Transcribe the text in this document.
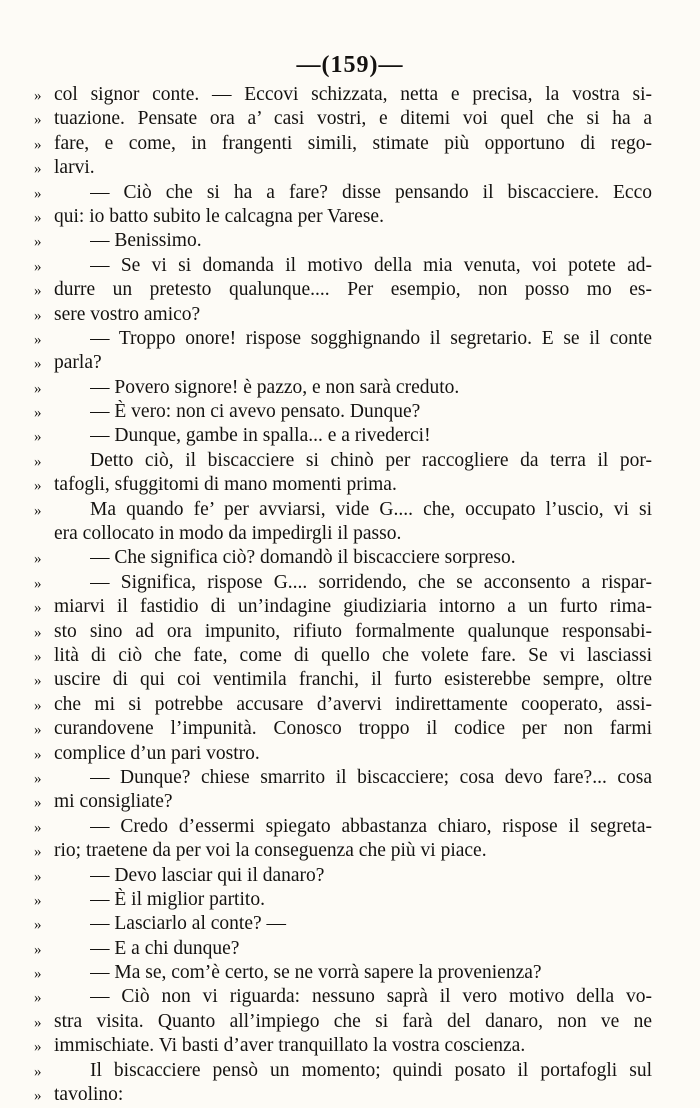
—(159)—
» col signor conte. — Eccovi schizzata, netta e precisa, la vostra si-
» tuazione. Pensate ora a’ casi vostri, e ditemi voi quel che si ha a
» fare, e come, in frangenti simili, stimate più opportuno di rego-
» larvi.
»	— Ciò che si ha a fare? disse pensando il biscacciere. Ecco
» qui: io batto subito le calcagna per Varese.
»	— Benissimo.
»	— Se vi si domanda il motivo della mia venuta, voi potete ad-
» durre un pretesto qualunque.... Per esempio, non posso mo es-
» sere vostro amico?
»	— Troppo onore! rispose sogghignando il segretario. E se il conte
» parla?
»	— Povero signore! è pazzo, e non sarà creduto.
»	— È vero: non ci avevo pensato. Dunque?
»	— Dunque, gambe in spalla... e a rivederci!
»	Detto ciò, il biscacciere si chinò per raccogliere da terra il por-
» tafogli, sfuggitomi di mano momenti prima.
»	Ma quando fe’ per avviarsi, vide G.... che, occupato l’uscio, vi si
era collocato in modo da impedirgli il passo.
»	— Che significa ciò? domandò il biscacciere sorpreso.
»	— Significa, rispose G.... sorridendo, che se acconsento a rispar-
» miarvi il fastidio di un’indagine giudiziaria intorno a un furto rima-
» sto sino ad ora impunito, rifiuto formalmente qualunque responsabi-
» lità di ciò che fate, come di quello che volete fare. Se vi lasciassi
» uscire di qui coi ventimila franchi, il furto esisterebbe sempre, oltre
» che mi si potrebbe accusare d’avervi indirettamente cooperato, assi-
» curandovene l’impunità. Conosco troppo il codice per non farmi
» complice d’un pari vostro.
»	— Dunque? chiese smarrito il biscacciere; cosa devo fare?... cosa
» mi consigliate?
»	— Credo d’essermi spiegato abbastanza chiaro, rispose il segreta-
» rio; traetene da per voi la conseguenza che più vi piace.
»	— Devo lasciar qui il danaro?
»	— È il miglior partito.
»	— Lasciarlo al conte? —
»	— E a chi dunque?
»	— Ma se, com’è certo, se ne vorrà sapere la provenienza?
»	— Ciò non vi riguarda: nessuno saprà il vero motivo della vo-
» stra visita. Quanto all’impiego che si farà del danaro, non ve ne
» immischiate. Vi basti d’aver tranquillato la vostra coscienza.
»	Il biscacciere pensò un momento; quindi posato il portafogli sul
» tavolino:
